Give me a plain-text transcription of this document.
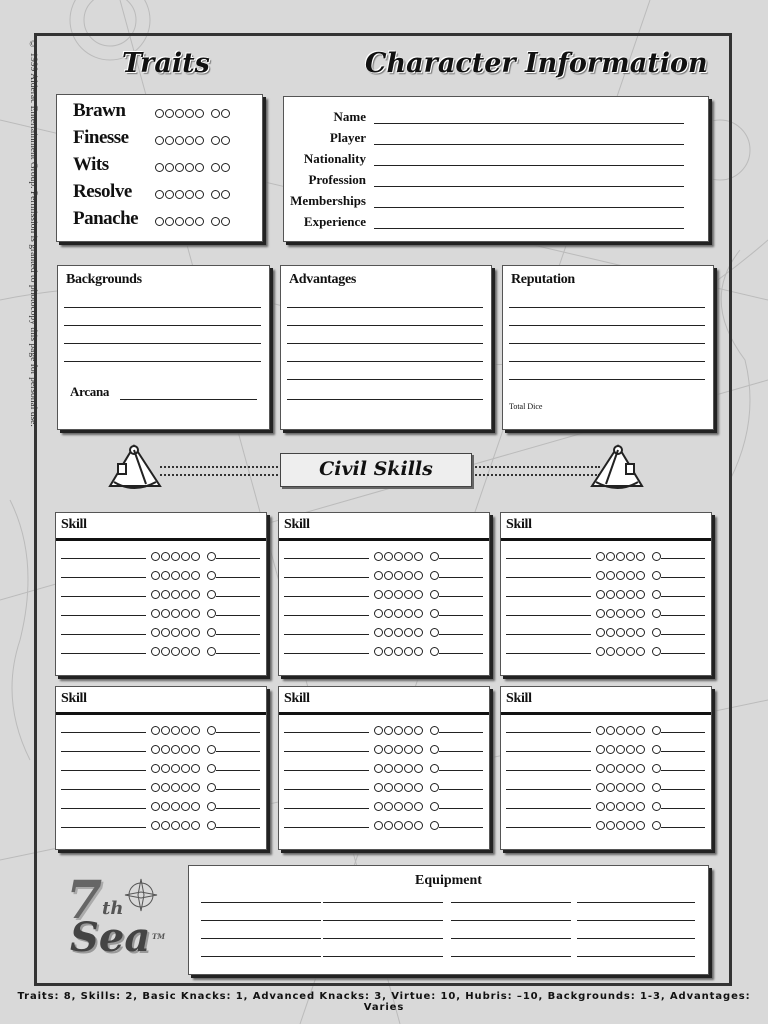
© 1999 Alderac Entertainment Group. Permission is granted to photocopy this page for personal use.	Traits
Brawn
Finesse
Wits
Resolve
Panache
Character Information
Name
Player
Nationality
Profession
Memberships
Experience
Backgrounds
Arcana
Advantages	Reputation
Total Dice
Civil Skills
Skill	Skill	Skill
Skill	Skill	Skill
Equipment
7 th
Sea TM
Traits: 8, Skills: 2, Basic Knacks: 1, Advanced Knacks: 3, Virtue: 10, Hubris: –10, Backgrounds: 1-3, Advantages: Varies
